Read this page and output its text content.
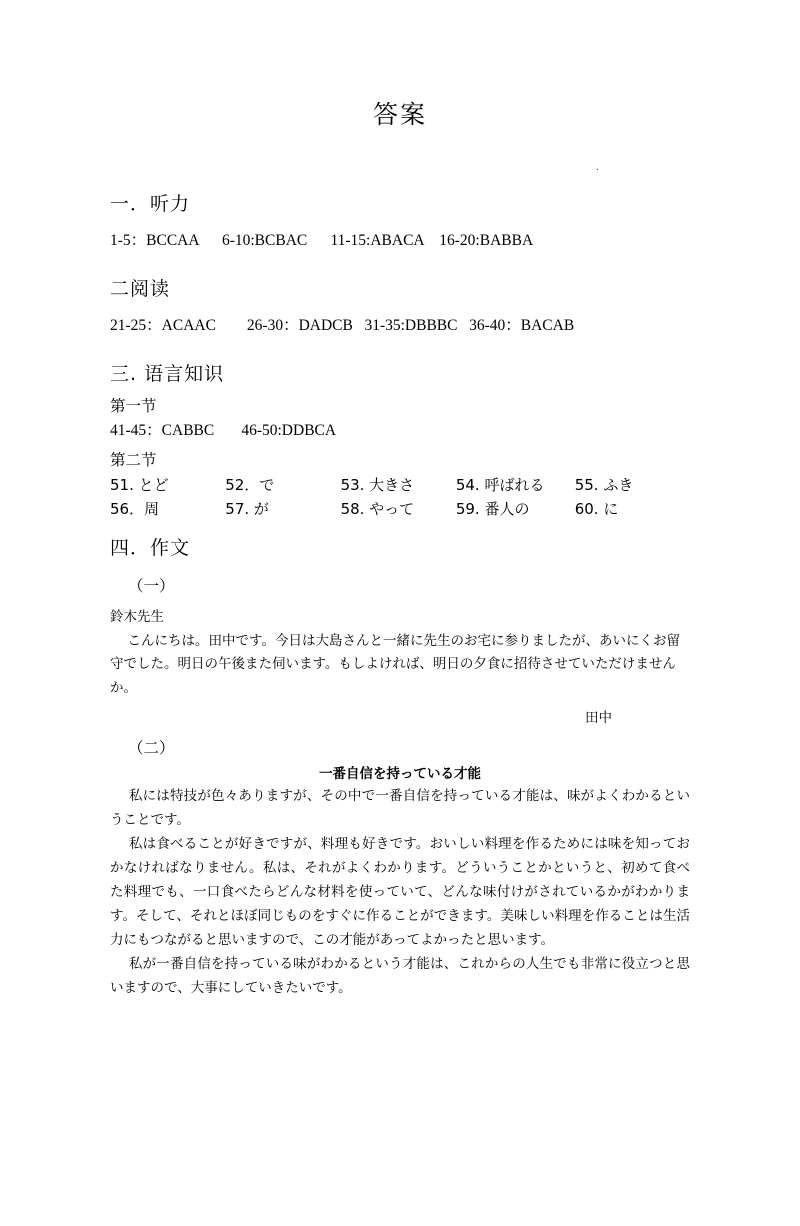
.
答案
一．听力
1-5：BCCAA      6-10:BCBAC      11-15:ABACA    16-20:BABBA
二阅读
21-25：ACAAC        26-30：DADCB   31-35:DBBBC   36-40：BACAB
三. 语言知识
第一节
41-45：CABBC       46-50:DDBCA
第二节
51. とど	52．で	53. 大きさ	54. 呼ばれる	55. ふき
56．周	57. が	58. やって	59. 番人の	60. に
四．作文
（一）
鈴木先生
こんにちは。田中です。今日は大島さんと一緒に先生のお宅に参りましたが、あいにくお留守でした。明日の午後また伺います。もしよければ、明日の夕食に招待させていただけませんか。
田中
（二）
一番自信を持っている才能

私には特技が色々ありますが、その中で一番自信を持っている才能は、味がよくわかるということです。

私は食べることが好きですが、料理も好きです。おいしい料理を作るためには味を知っておかなければなりません。私は、それがよくわかります。どういうことかというと、初めて食べた料理でも、一口食べたらどんな材料を使っていて、どんな味付けがされているかがわかります。そして、それとほぼ同じものをすぐに作ることができます。美味しい料理を作ることは生活力にもつながると思いますので、この才能があってよかったと思います。

私が一番自信を持っている味がわかるという才能は、これからの人生でも非常に役立つと思いますので、大事にしていきたいです。
